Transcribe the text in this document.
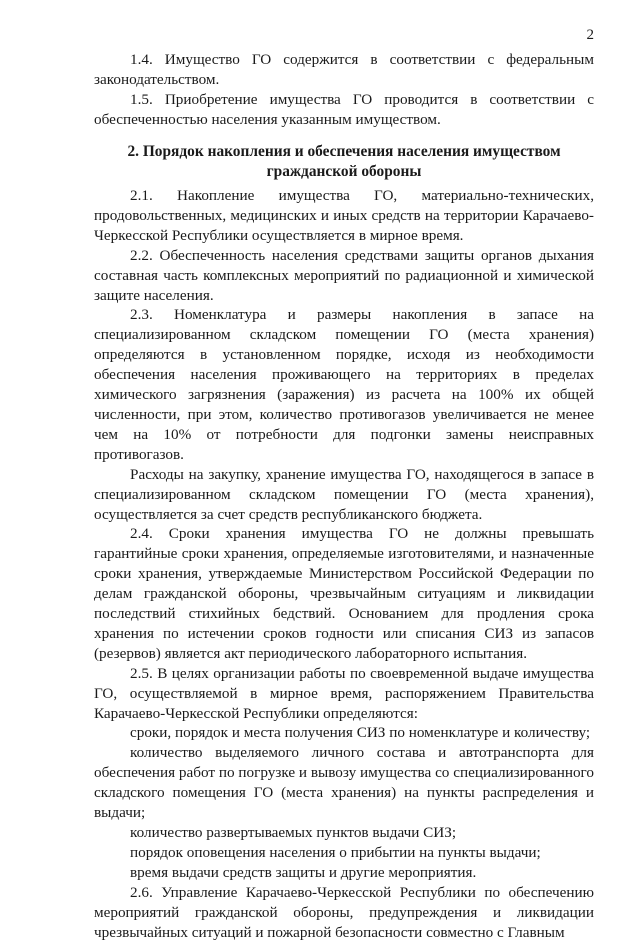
2

1.4. Имущество ГО содержится в соответствии с федеральным законодательством.

1.5. Приобретение имущества ГО проводится в соответствии с обеспеченностью населения указанным имуществом.

2. Порядок накопления и обеспечения населения имуществом гражданской обороны

2.1. Накопление имущества ГО, материально-технических, продовольственных, медицинских и иных средств на территории Карачаево-Черкесской Республики осуществляется в мирное время.

2.2. Обеспеченность населения средствами защиты органов дыхания составная часть комплексных мероприятий по радиационной и химической защите населения.

2.3. Номенклатура и размеры накопления в запасе на специализированном складском помещении ГО (места хранения) определяются в установленном порядке, исходя из необходимости обеспечения населения проживающего на территориях в пределах химического загрязнения (заражения) из расчета на 100% их общей численности, при этом, количество противогазов увеличивается не менее чем на 10% от потребности для подгонки замены неисправных противогазов.

Расходы на закупку, хранение имущества ГО, находящегося в запасе в специализированном складском помещении ГО (места хранения), осуществляется за счет средств республиканского бюджета.

2.4. Сроки хранения имущества ГО не должны превышать гарантийные сроки хранения, определяемые изготовителями, и назначенные сроки хранения, утверждаемые Министерством Российской Федерации по делам гражданской обороны, чрезвычайным ситуациям и ликвидации последствий стихийных бедствий. Основанием для продления срока хранения по истечении сроков годности или списания СИЗ из запасов (резервов) является акт периодического лабораторного испытания.

2.5. В целях организации работы по своевременной выдаче имущества ГО, осуществляемой в мирное время, распоряжением Правительства Карачаево-Черкесской Республики определяются:

сроки, порядок и места получения СИЗ по номенклатуре и количеству;

количество выделяемого личного состава и автотранспорта для обеспечения работ по погрузке и вывозу имущества со специализированного складского помещения ГО (места хранения) на пункты распределения и выдачи;

количество развертываемых пунктов выдачи СИЗ;

порядок оповещения населения о прибытии на пункты выдачи;

время выдачи средств защиты и другие мероприятия.

2.6. Управление Карачаево-Черкесской Республики по обеспечению мероприятий гражданской обороны, предупреждения и ликвидации чрезвычайных ситуаций и пожарной безопасности совместно с Главным
